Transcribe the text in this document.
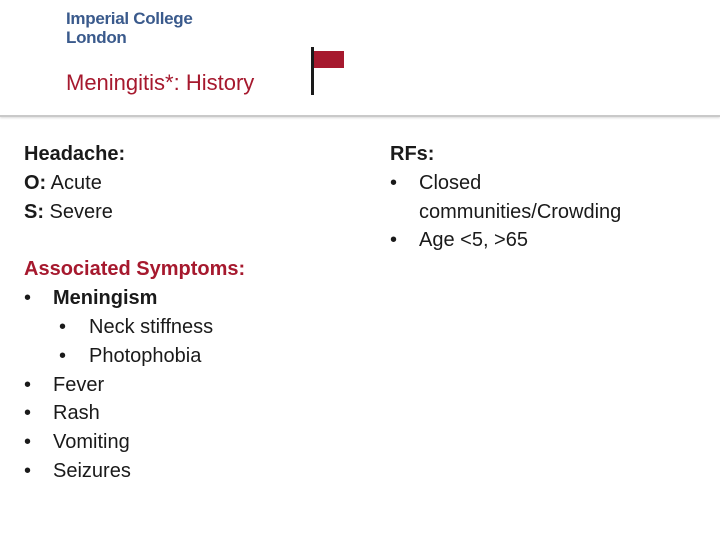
Imperial College
London
Meningitis*: History
Headache:
O: Acute
S: Severe
Associated Symptoms:
•	Meningism
•	Neck stiffness
•	Photophobia
•	Fever
•	Rash
•	Vomiting
•	Seizures
RFs:
•	Closed
communities/Crowding
•	Age <5, >65
